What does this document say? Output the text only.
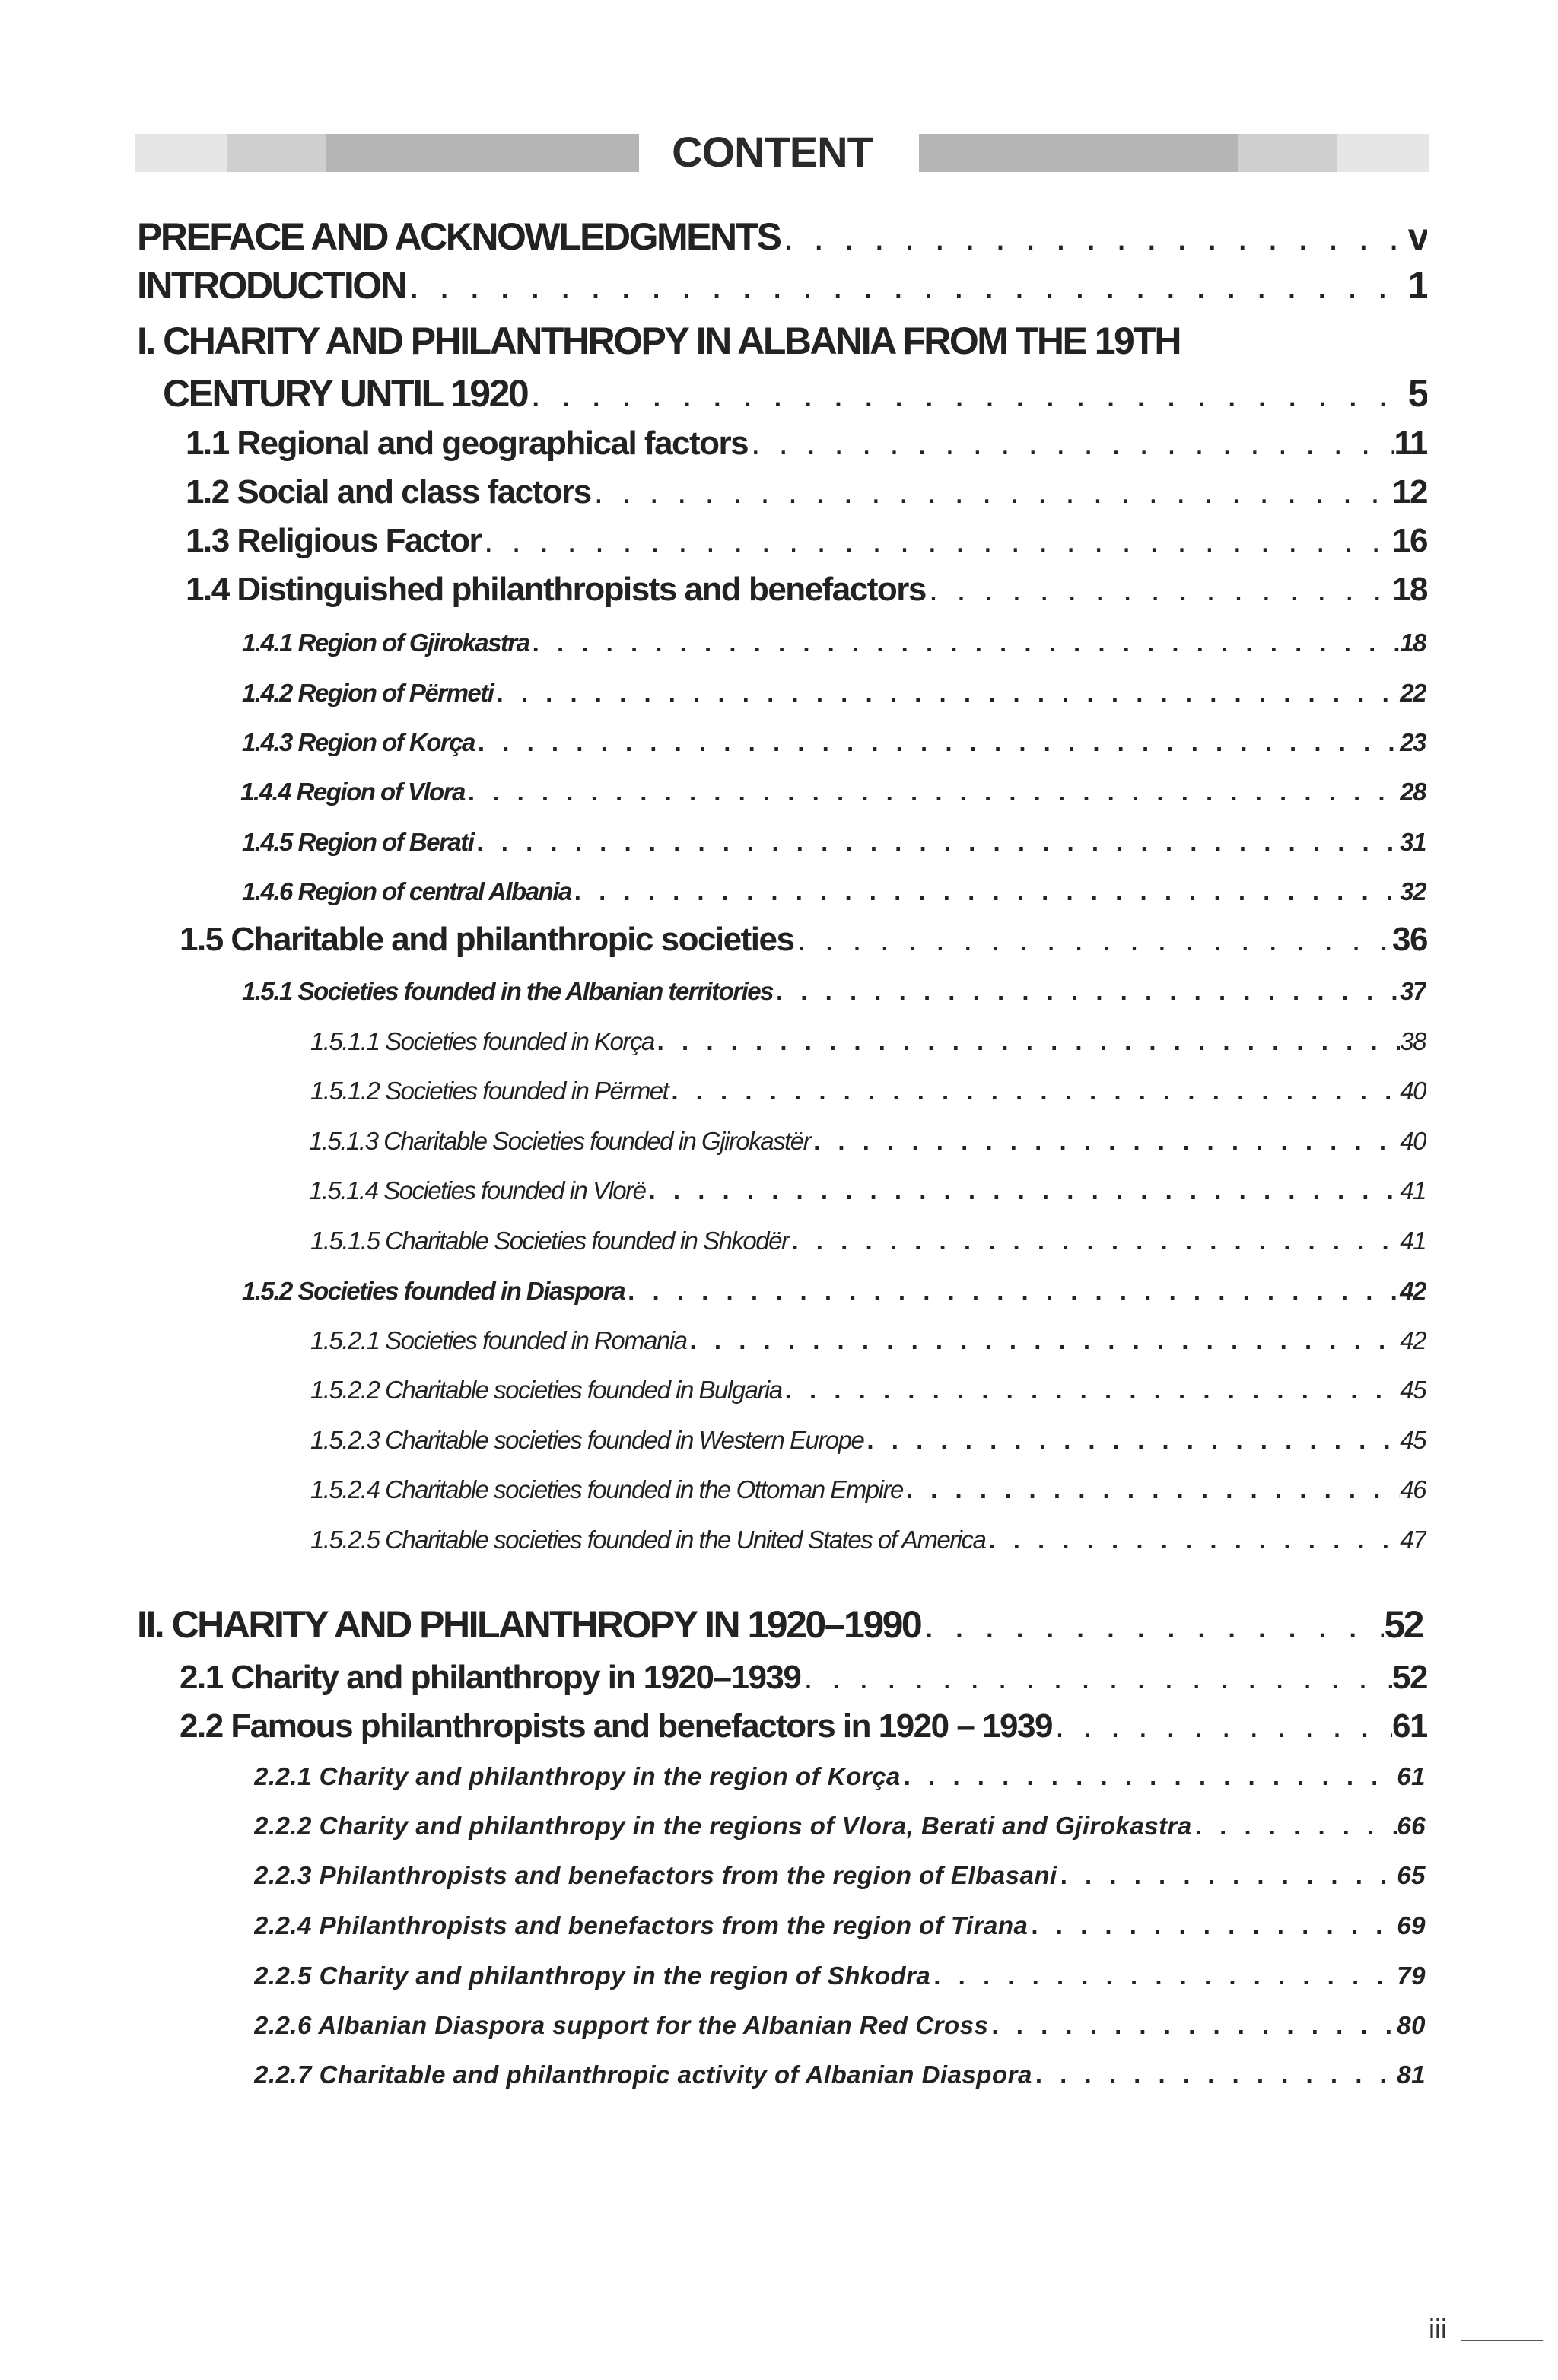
CONTENT
PREFACE AND ACKNOWLEDGMENTS . . .	v
INTRODUCTION . . .	1
I. CHARITY AND PHILANTHROPY IN ALBANIA FROM THE 19TH
CENTURY UNTIL 1920 . . .	5
1.1 Regional and geographical factors . . .	11
1.2 Social and class factors . . .	12
1.3 Religious Factor . . .	16
1.4 Distinguished philanthropists and benefactors . . .	18
1.4.1 Region of Gjirokastra . . .	18
1.4.2 Region of Përmeti . . .	22
1.4.3 Region of Korça . . .	23
1.4.4 Region of Vlora . . .	28
1.4.5 Region of Berati . . .	31
1.4.6 Region of central Albania . . .	32
1.5 Charitable and philanthropic societies . . .	36
1.5.1 Societies founded in the Albanian territories . . .	37
1.5.1.1 Societies founded in Korça . . .	38
1.5.1.2 Societies founded in Përmet . . .	40
1.5.1.3 Charitable Societies founded in Gjirokastër . . .	40
1.5.1.4 Societies founded in Vlorë . . .	41
1.5.1.5 Charitable Societies founded in Shkodër . . .	41
1.5.2 Societies founded in Diaspora . . .	42
1.5.2.1 Societies founded in Romania . . .	42
1.5.2.2 Charitable societies founded in Bulgaria . . .	45
1.5.2.3 Charitable societies founded in Western Europe . . .	45
1.5.2.4 Charitable societies founded in the Ottoman Empire . . .	46
1.5.2.5 Charitable societies founded in the United States of America . . .	47
II. CHARITY AND PHILANTHROPY IN 1920–1990 . . .	52
2.1 Charity and philanthropy in 1920–1939 . . .	52
2.2 Famous philanthropists and benefactors in 1920 – 1939 . . .	61
2.2.1 Charity and philanthropy in the region of Korça . . .	61
2.2.2 Charity and philanthropy in the regions of Vlora, Berati and Gjirokastra . . .	66
2.2.3 Philanthropists and benefactors from the region of Elbasani . . .	65
2.2.4 Philanthropists and benefactors from the region of Tirana . . .	69
2.2.5 Charity and philanthropy in the region of Shkodra . . .	79
2.2.6 Albanian Diaspora support for the Albanian Red Cross . . .	80
2.2.7 Charitable and philanthropic activity of Albanian Diaspora . . .	81
iii
